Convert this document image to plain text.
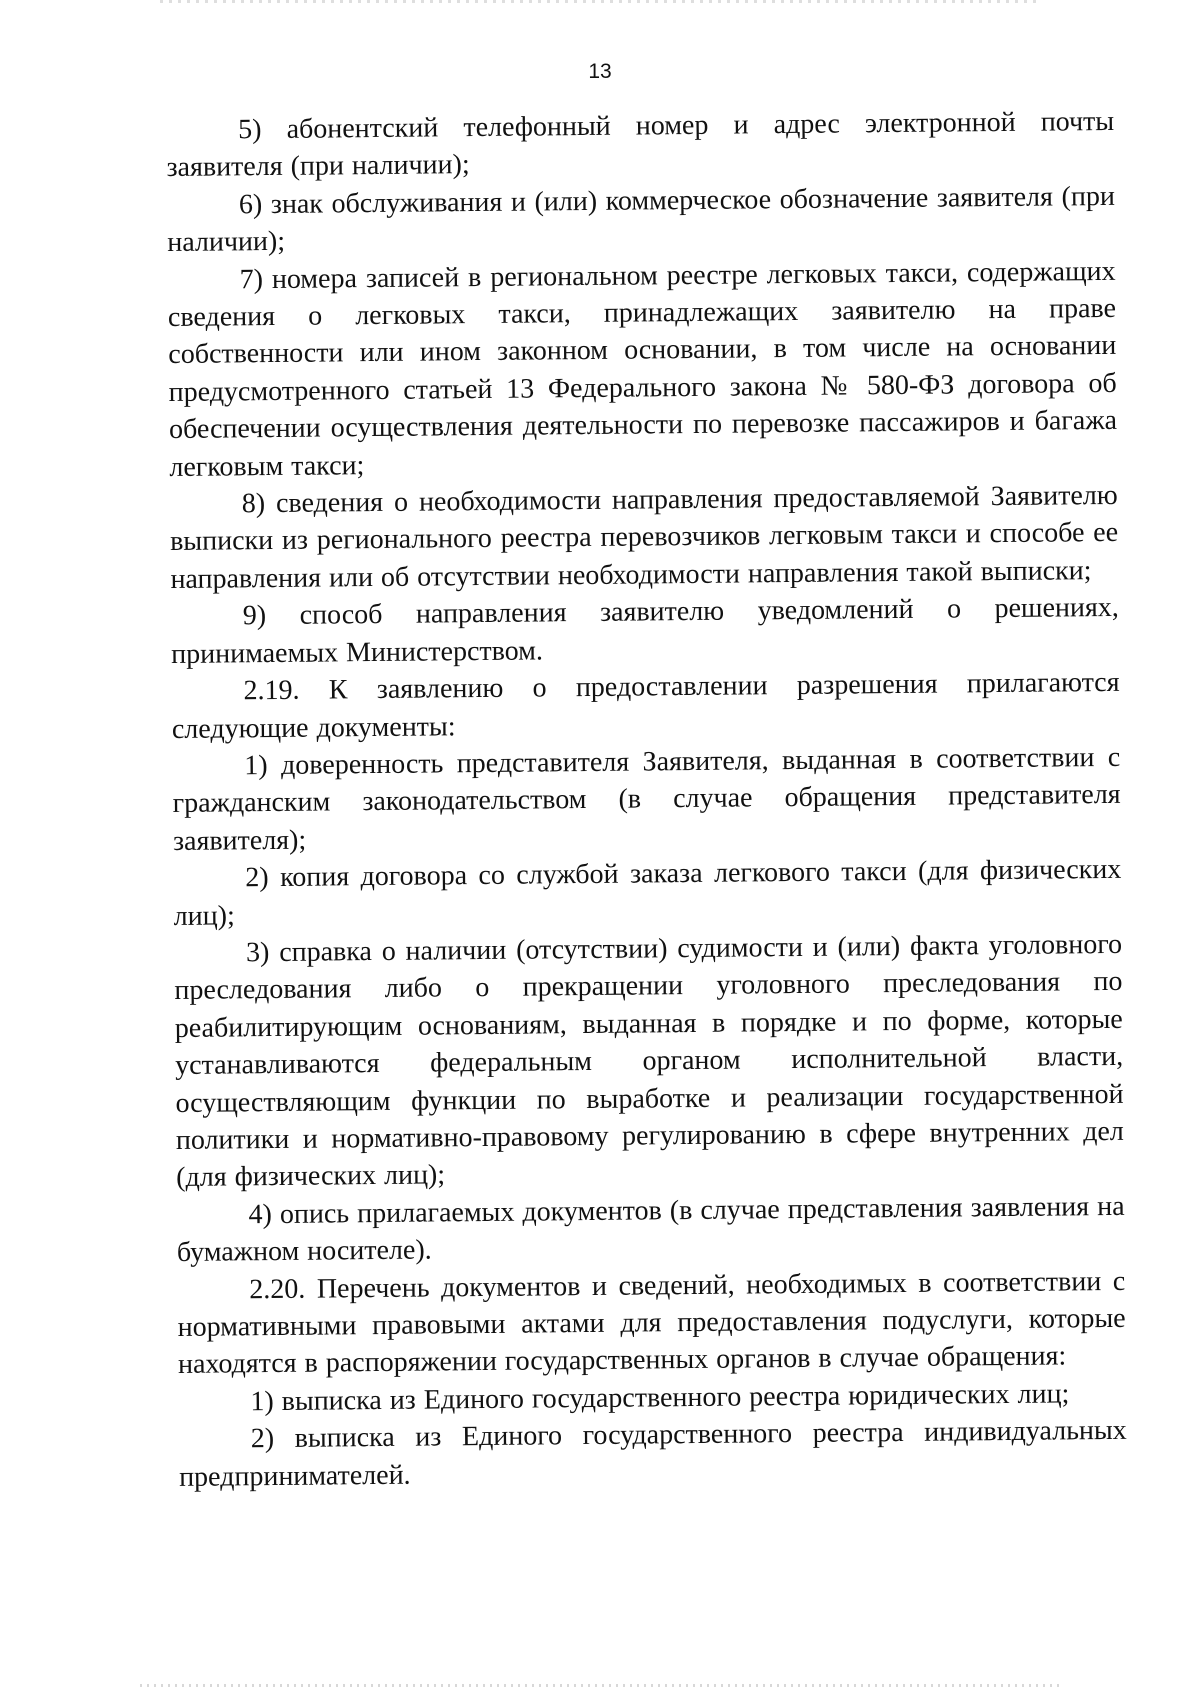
13

5) абонентский телефонный номер и адрес электронной почты заявителя (при наличии);

6) знак обслуживания и (или) коммерческое обозначение заявителя (при наличии);

7) номера записей в региональном реестре легковых такси, содержащих сведения о легковых такси, принадлежащих заявителю на праве собственности или ином законном основании, в том числе на основании предусмотренного статьей 13 Федерального закона № 580-ФЗ договора об обеспечении осуществления деятельности по перевозке пассажиров и багажа легковым такси;

8) сведения о необходимости направления предоставляемой Заявителю выписки из регионального реестра перевозчиков легковым такси и способе ее направления или об отсутствии необходимости направления такой выписки;

9) способ направления заявителю уведомлений о решениях, принимаемых Министерством.

2.19. К заявлению о предоставлении разрешения прилагаются следующие документы:

1) доверенность представителя Заявителя, выданная в соответствии с гражданским законодательством (в случае обращения представителя заявителя);

2) копия договора со службой заказа легкового такси (для физических лиц);

3) справка о наличии (отсутствии) судимости и (или) факта уголовного преследования либо о прекращении уголовного преследования по реабилитирующим основаниям, выданная в порядке и по форме, которые устанавливаются федеральным органом исполнительной власти, осуществляющим функции по выработке и реализации государственной политики и нормативно-правовому регулированию в сфере внутренних дел (для физических лиц);

4) опись прилагаемых документов (в случае представления заявления на бумажном носителе).

2.20. Перечень документов и сведений, необходимых в соответствии с нормативными правовыми актами для предоставления подуслуги, которые находятся в распоряжении государственных органов в случае обращения:

1) выписка из Единого государственного реестра юридических лиц;

2) выписка из Единого государственного реестра индивидуальных предпринимателей.
